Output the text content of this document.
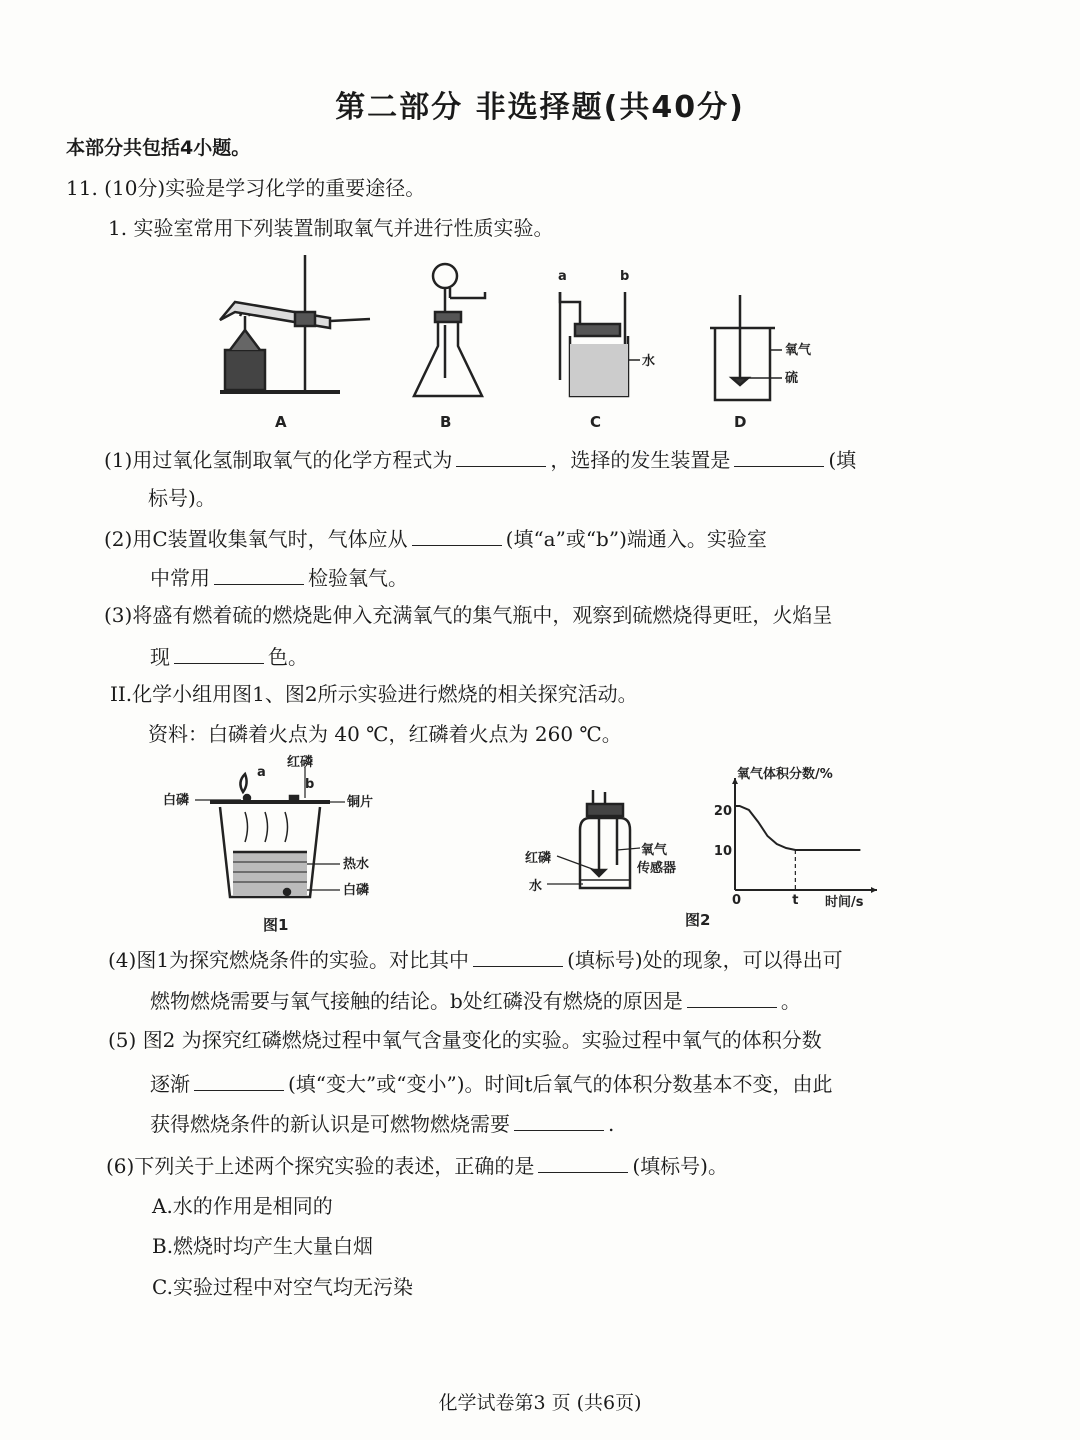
第二部分 非选择题(共40分)
本部分共包括4小题。
11. (10分)实验是学习化学的重要途径。
1. 实验室常用下列装置制取氧气并进行性质实验。
A	B
a	b
水
C
氧气
硫
D
(1)用过氧化氢制取氧气的化学方程式为	，选择的发生装置是	(填
标号)。
(2)用C装置收集氧气时，气体应从	(填“a”或“b”)端通入。实验室
中常用	检验氧气。
(3)将盛有燃着硫的燃烧匙伸入充满氧气的集气瓶中，观察到硫燃烧得更旺，火焰呈
现	色。
II.化学小组用图1、图2所示实验进行燃烧的相关探究活动。
资料：白磷着火点为 40 ℃，红磷着火点为 260 ℃。
红磷
a
b
白磷	铜片
热水
白磷
图1
红磷
水
氧气
传感器
20
10
0	t
氧气体积分数/%
时间/s
图2
(4)图1为探究燃烧条件的实验。对比其中	(填标号)处的现象，可以得出可
燃物燃烧需要与氧气接触的结论。b处红磷没有燃烧的原因是	。
(5) 图2 为探究红磷燃烧过程中氧气含量变化的实验。实验过程中氧气的体积分数
逐渐	(填“变大”或“变小”)。时间t后氧气的体积分数基本不变，由此
获得燃烧条件的新认识是可燃物燃烧需要	.
(6)下列关于上述两个探究实验的表述，正确的是	(填标号)。
A.水的作用是相同的
B.燃烧时均产生大量白烟
C.实验过程中对空气均无污染
化学试卷第3 页 (共6页)
